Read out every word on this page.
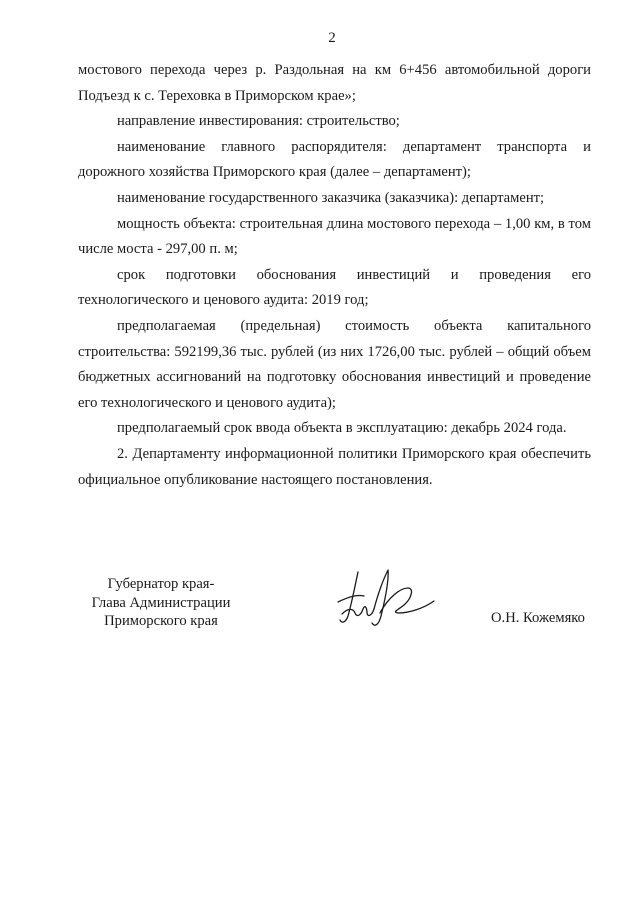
2

мостового перехода через р. Раздольная на км 6+456 автомобильной дороги Подъезд к с. Тереховка в Приморском крае»;

направление инвестирования: строительство;

наименование главного распорядителя: департамент транспорта и дорожного хозяйства Приморского края (далее – департамент);

наименование государственного заказчика (заказчика): департамент;

мощность объекта: строительная длина мостового перехода – 1,00 км, в том числе моста - 297,00 п. м;

срок подготовки обоснования инвестиций и проведения его технологического и ценового аудита: 2019 год;

предполагаемая (предельная) стоимость объекта капитального строительства: 592199,36 тыс. рублей (из них 1726,00 тыс. рублей – общий объем бюджетных ассигнований на подготовку обоснования инвестиций и проведение его технологического и ценового аудита);

предполагаемый срок ввода объекта в эксплуатацию: декабрь 2024 года.

2. Департаменту информационной политики Приморского края обеспечить официальное опубликование настоящего постановления.

Губернатор края-
Глава Администрации
Приморского края	О.Н. Кожемяко
